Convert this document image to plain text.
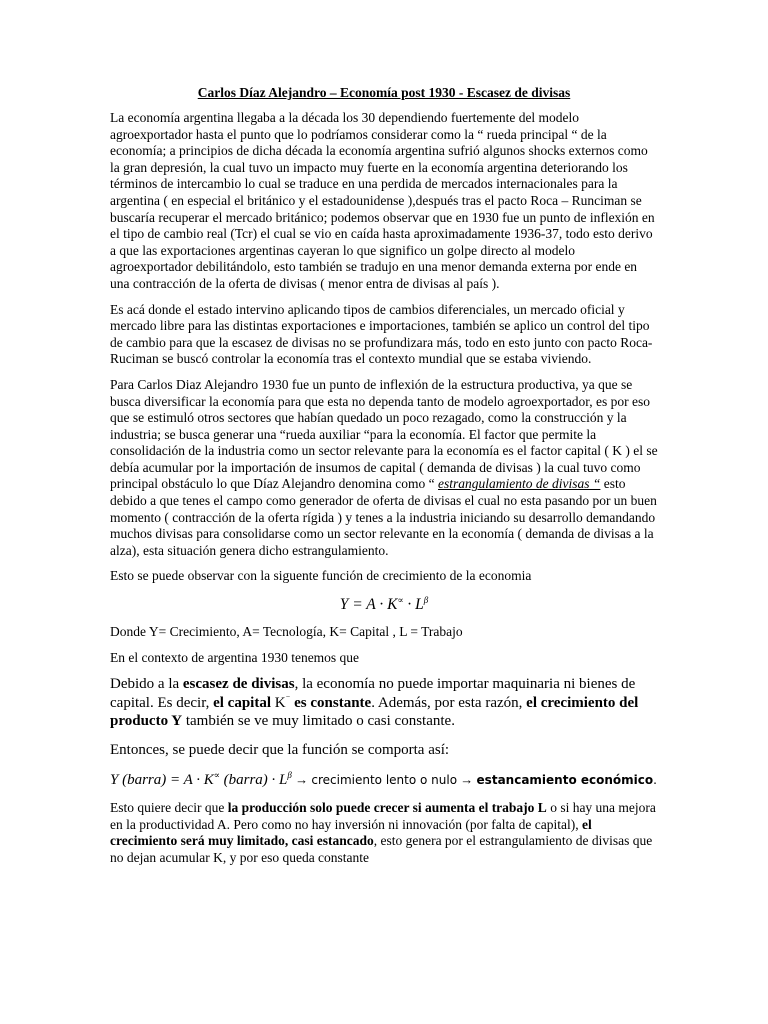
Carlos Díaz Alejandro – Economía post 1930 - Escasez de divisas

La economía argentina llegaba a la década los 30 dependiendo fuertemente del modelo agroexportador hasta el punto que lo podríamos considerar como la “ rueda principal “ de la economía; a principios de dicha década la economía argentina sufrió algunos shocks externos como la gran depresión, la cual tuvo un impacto muy fuerte en la economía argentina deteriorando los términos de intercambio lo cual se traduce en una perdida de mercados internacionales para la argentina ( en especial el británico y el estadounidense ),después tras el pacto Roca – Runciman se buscaría recuperar el mercado británico; podemos observar que en 1930 fue un punto de inflexión en el tipo de cambio real (Tcr) el cual se vio en caída hasta aproximadamente 1936-37, todo esto derivo a que las exportaciones argentinas cayeran lo que significo un golpe directo al modelo agroexportador debilitándolo, esto también se tradujo en una menor demanda externa por ende en una contracción de la oferta de divisas ( menor entra de divisas al país ).

Es acá donde el estado intervino aplicando tipos de cambios diferenciales, un mercado oficial y mercado libre para las distintas exportaciones e importaciones, también se aplico un control del tipo de cambio para que la escasez de divisas no se profundizara más, todo en esto junto con pacto Roca-Ruciman se buscó controlar la economía tras el contexto mundial que se estaba viviendo.

Para Carlos Diaz Alejandro 1930 fue un punto de inflexión de la estructura productiva, ya que se busca diversificar la economía para que esta no dependa tanto de modelo agroexportador, es por eso que se estimuló otros sectores que habían quedado un poco rezagado, como la construcción y la industria; se busca generar una “rueda auxiliar “para la economía. El factor que permite la consolidación de la industria como un sector relevante para la economía es el factor capital ( K ) el se debía acumular por la importación de insumos de capital ( demanda de divisas ) la cual tuvo como principal obstáculo lo que Díaz Alejandro denomina como “ estrangulamiento de divisas “ esto debido a que tenes el campo como generador de oferta de divisas el cual no esta pasando por un buen momento ( contracción de la oferta rígida ) y tenes a la industria iniciando su desarrollo demandando muchos divisas para consolidarse como un sector relevante en la economía ( demanda de divisas a la alza), esta situación genera dicho estrangulamiento.

Esto se puede observar con la siguente función de crecimiento de la economia

$Y = A \cdot K^\propto \cdot L^\beta$

Donde Y= Crecimiento, A= Tecnología, K= Capital , L = Trabajo

En el contexto de argentina 1930 tenemos que

Debido a la escasez de divisas, la economía no puede importar maquinaria ni bienes de capital. Es decir, el capital K⁻ es constante. Además, por esta razón, el crecimiento del producto Y también se ve muy limitado o casi constante.

Entonces, se puede decir que la función se comporta así:

Y (barra) = A · K∝ (barra) · $L^\beta$ → crecimiento lento o nulo → estancamiento económico.

Esto quiere decir que la producción solo puede crecer si aumenta el trabajo L o si hay una mejora en la productividad A. Pero como no hay inversión ni innovación (por falta de capital), el crecimiento será muy limitado, casi estancado, esto genera por el estrangulamiento de divisas que no dejan acumular K, y por eso queda constante
